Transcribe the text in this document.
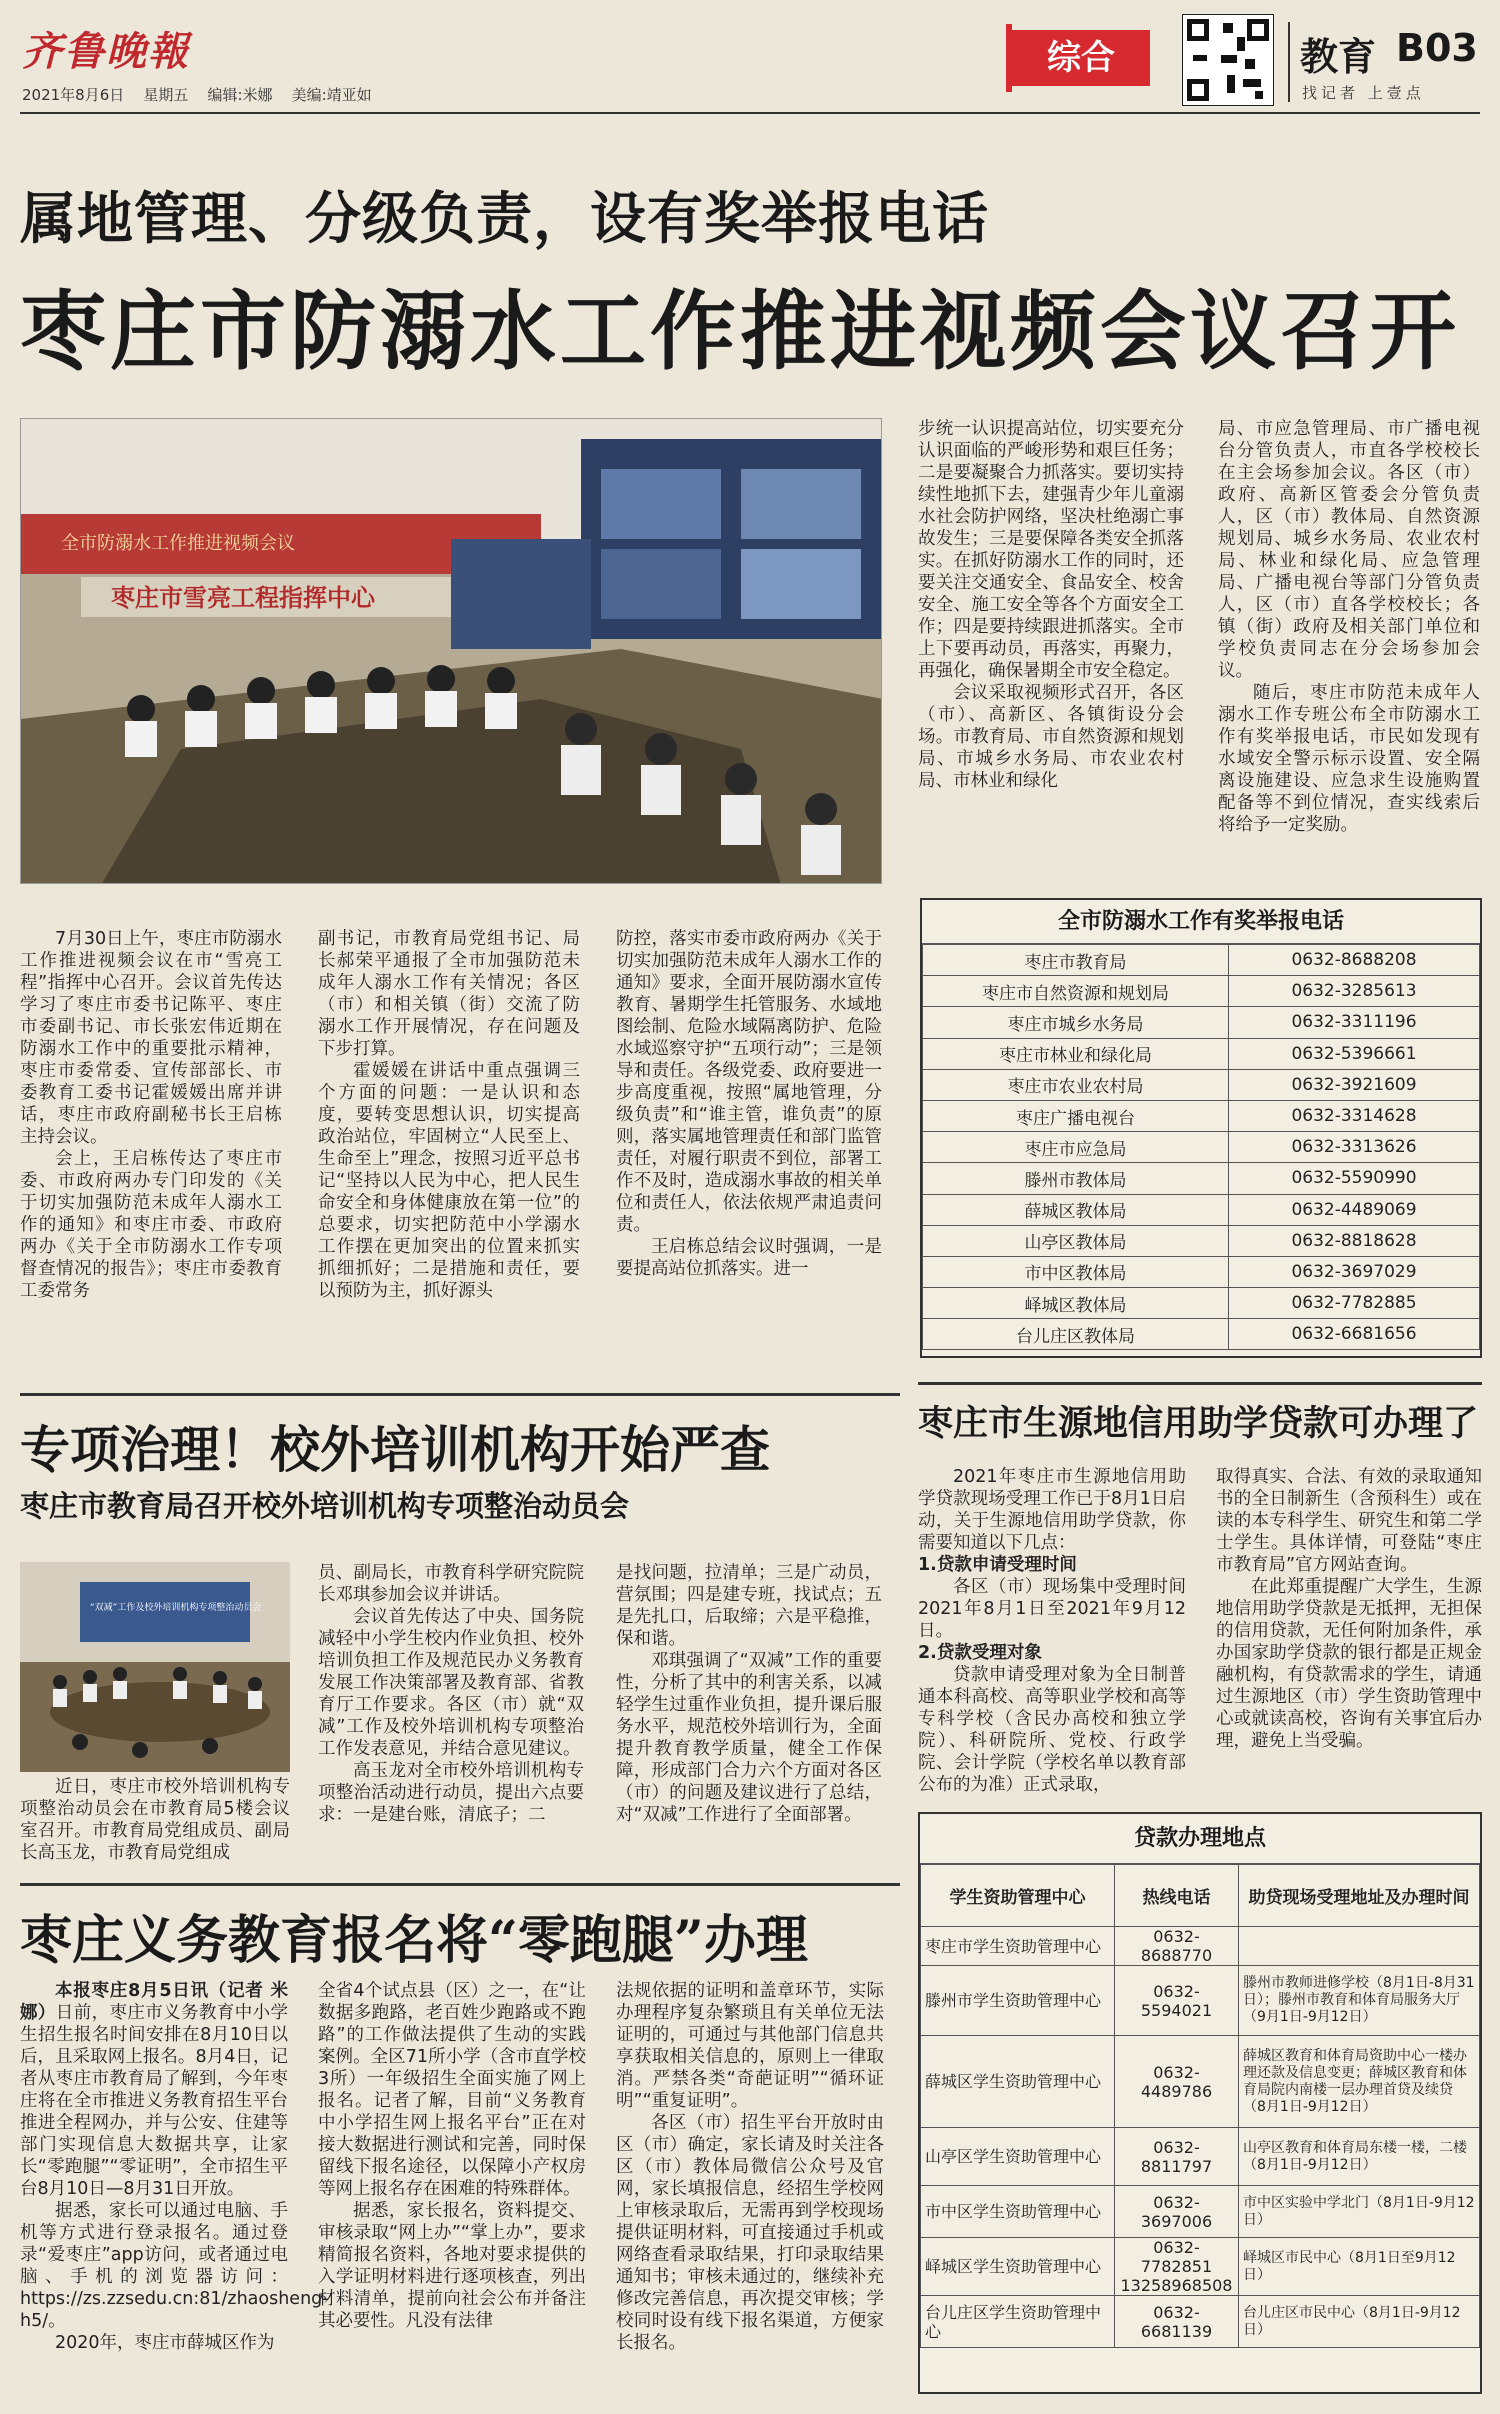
齐鲁晚報
2021年8月6日 星期五 编辑:米娜 美编:靖亚如
综合	教育 B03
找记者 上壹点
属地管理、分级负责，设有奖举报电话
枣庄市防溺水工作推进视频会议召开
枣庄市雪亮工程指挥中心
全市防溺水工作推进视频会议

7月30日上午，枣庄市防溺水工作推进视频会议在市“雪亮工程”指挥中心召开。会议首先传达学习了枣庄市委书记陈平、枣庄市委副书记、市长张宏伟近期在防溺水工作中的重要批示精神，枣庄市委常委、宣传部部长、市委教育工委书记霍媛媛出席并讲话，枣庄市政府副秘书长王启栋主持会议。

会上，王启栋传达了枣庄市委、市政府两办专门印发的《关于切实加强防范未成年人溺水工作的通知》和枣庄市委、市政府两办《关于全市防溺水工作专项督查情况的报告》；枣庄市委教育工委常务

副书记，市教育局党组书记、局长郝荣平通报了全市加强防范未成年人溺水工作有关情况；各区（市）和相关镇（街）交流了防溺水工作开展情况，存在问题及下步打算。

霍媛媛在讲话中重点强调三个方面的问题：一是认识和态度，要转变思想认识，切实提高政治站位，牢固树立“人民至上、生命至上”理念，按照习近平总书记“坚持以人民为中心，把人民生命安全和身体健康放在第一位”的总要求，切实把防范中小学溺水工作摆在更加突出的位置来抓实抓细抓好；二是措施和责任，要以预防为主，抓好源头

防控，落实市委市政府两办《关于切实加强防范未成年人溺水工作的通知》要求，全面开展防溺水宣传教育、暑期学生托管服务、水域地图绘制、危险水域隔离防护、危险水域巡察守护“五项行动”；三是领导和责任。各级党委、政府要进一步高度重视，按照“属地管理，分级负责”和“谁主管，谁负责”的原则，落实属地管理责任和部门监管责任，对履行职责不到位，部署工作不及时，造成溺水事故的相关单位和责任人，依法依规严肃追责问责。

王启栋总结会议时强调，一是要提高站位抓落实。进一

步统一认识提高站位，切实要充分认识面临的严峻形势和艰巨任务；二是要凝聚合力抓落实。要切实持续性地抓下去，建强青少年儿童溺水社会防护网络，坚决杜绝溺亡事故发生；三是要保障各类安全抓落实。在抓好防溺水工作的同时，还要关注交通安全、食品安全、校舍安全、施工安全等各个方面安全工作；四是要持续跟进抓落实。全市上下要再动员，再落实，再聚力，再强化，确保暑期全市安全稳定。

会议采取视频形式召开，各区（市）、高新区、各镇街设分会场。市教育局、市自然资源和规划局、市城乡水务局、市农业农村局、市林业和绿化

局、市应急管理局、市广播电视台分管负责人，市直各学校校长在主会场参加会议。各区（市）政府、高新区管委会分管负责人，区（市）教体局、自然资源规划局、城乡水务局、农业农村局、林业和绿化局、应急管理局、广播电视台等部门分管负责人，区（市）直各学校校长；各镇（街）政府及相关部门单位和学校负责同志在分会场参加会议。

随后，枣庄市防范未成年人溺水工作专班公布全市防溺水工作有奖举报电话，市民如发现有水域安全警示标示设置、安全隔离设施建设、应急求生设施购置配备等不到位情况，查实线索后将给予一定奖励。

全市防溺水工作有奖举报电话
枣庄市教育局	0632-8688208
枣庄市自然资源和规划局	0632-3285613
枣庄市城乡水务局	0632-3311196
枣庄市林业和绿化局	0632-5396661
枣庄市农业农村局	0632-3921609
枣庄广播电视台	0632-3314628
枣庄市应急局	0632-3313626
滕州市教体局	0632-5590990
薛城区教体局	0632-4489069
山亭区教体局	0632-8818628
市中区教体局	0632-3697029
峄城区教体局	0632-7782885
台儿庄区教体局	0632-6681656
专项治理！校外培训机构开始严查
枣庄市教育局召开校外培训机构专项整治动员会
“双减”工作及校外培训机构专项整治动员会

近日，枣庄市校外培训机构专项整治动员会在市教育局5楼会议室召开。市教育局党组成员、副局长高玉龙，市教育局党组成

员、副局长，市教育科学研究院院长邓琪参加会议并讲话。

会议首先传达了中央、国务院减轻中小学生校内作业负担、校外培训负担工作及规范民办义务教育发展工作决策部署及教育部、省教育厅工作要求。各区（市）就“双减”工作及校外培训机构专项整治工作发表意见，并结合意见建议。

高玉龙对全市校外培训机构专项整治活动进行动员，提出六点要求：一是建台账，清底子；二

是找问题，拉清单；三是广动员，营氛围；四是建专班，找试点；五是先扎口，后取缔；六是平稳推，保和谐。

邓琪强调了“双减”工作的重要性，分析了其中的利害关系，以减轻学生过重作业负担，提升课后服务水平，规范校外培训行为，全面提升教育教学质量，健全工作保障，形成部门合力六个方面对各区（市）的问题及建议进行了总结，对“双减”工作进行了全面部署。

枣庄义务教育报名将“零跑腿”办理

本报枣庄8月5日讯（记者 米娜）日前，枣庄市义务教育中小学生招生报名时间安排在8月10日以后，且采取网上报名。8月4日，记者从枣庄市教育局了解到，今年枣庄将在全市推进义务教育招生平台推进全程网办，并与公安、住建等部门实现信息大数据共享，让家长“零跑腿”“零证明”，全市招生平台8月10日—8月31日开放。

据悉，家长可以通过电脑、手机等方式进行登录报名。通过登录“爱枣庄”app访问，或者通过电脑、手机的浏览器访问：https://zs.zzsedu.cn:81/zhaosheng-h5/。

2020年，枣庄市薛城区作为

全省4个试点县（区）之一，在“让数据多跑路，老百姓少跑路或不跑路”的工作做法提供了生动的实践案例。全区71所小学（含市直学校3所）一年级招生全面实施了网上报名。记者了解，目前“义务教育中小学招生网上报名平台”正在对接大数据进行测试和完善，同时保留线下报名途径，以保障小产权房等网上报名存在困难的特殊群体。

据悉，家长报名，资料提交、审核录取“网上办”“掌上办”，要求精简报名资料，各地对要求提供的入学证明材料进行逐项核查，列出材料清单，提前向社会公布并备注其必要性。凡没有法律

法规依据的证明和盖章环节，实际办理程序复杂繁琐且有关单位无法证明的，可通过与其他部门信息共享获取相关信息的，原则上一律取消。严禁各类“奇葩证明”“循环证明”“重复证明”。

各区（市）招生平台开放时由区（市）确定，家长请及时关注各区（市）教体局微信公众号及官网，家长填报信息，经招生学校网上审核录取后，无需再到学校现场提供证明材料，可直接通过手机或网络查看录取结果，打印录取结果通知书；审核未通过的，继续补充修改完善信息，再次提交审核；学校同时设有线下报名渠道，方便家长报名。

枣庄市生源地信用助学贷款可办理了

2021年枣庄市生源地信用助学贷款现场受理工作已于8月1日启动，关于生源地信用助学贷款，你需要知道以下几点：

1.贷款申请受理时间

各区（市）现场集中受理时间2021年8月1日至2021年9月12日。

2.贷款受理对象

贷款申请受理对象为全日制普通本科高校、高等职业学校和高等专科学校（含民办高校和独立学院）、科研院所、党校、行政学院、会计学院（学校名单以教育部公布的为准）正式录取，

取得真实、合法、有效的录取通知书的全日制新生（含预科生）或在读的本专科学生、研究生和第二学士学生。具体详情，可登陆“枣庄市教育局”官方网站查询。

在此郑重提醒广大学生，生源地信用助学贷款是无抵押，无担保的信用贷款，无任何附加条件，承办国家助学贷款的银行都是正规金融机构，有贷款需求的学生，请通过生源地区（市）学生资助管理中心或就读高校，咨询有关事宜后办理，避免上当受骗。

贷款办理地点
学生资助管理中心	热线电话	助贷现场受理地址及办理时间
枣庄市学生资助管理中心	0632-8688770	
滕州市学生资助管理中心	0632-5594021	滕州市教师进修学校（8月1日-8月31日）；滕州市教育和体育局服务大厅（9月1日-9月12日）
薛城区学生资助管理中心	0632-4489786	薛城区教育和体育局资助中心一楼办理还款及信息变更；薛城区教育和体育局院内南楼一层办理首贷及续贷（8月1日-9月12日）
山亭区学生资助管理中心	0632-8811797	山亭区教育和体育局东楼一楼，二楼（8月1日-9月12日）
市中区学生资助管理中心	0632-3697006	市中区实验中学北门（8月1日-9月12日）
峄城区学生资助管理中心	0632-7782851 13258968508	峄城区市民中心（8月1日至9月12日）
台儿庄区学生资助管理中心	0632-6681139	台儿庄区市民中心（8月1日-9月12日）
